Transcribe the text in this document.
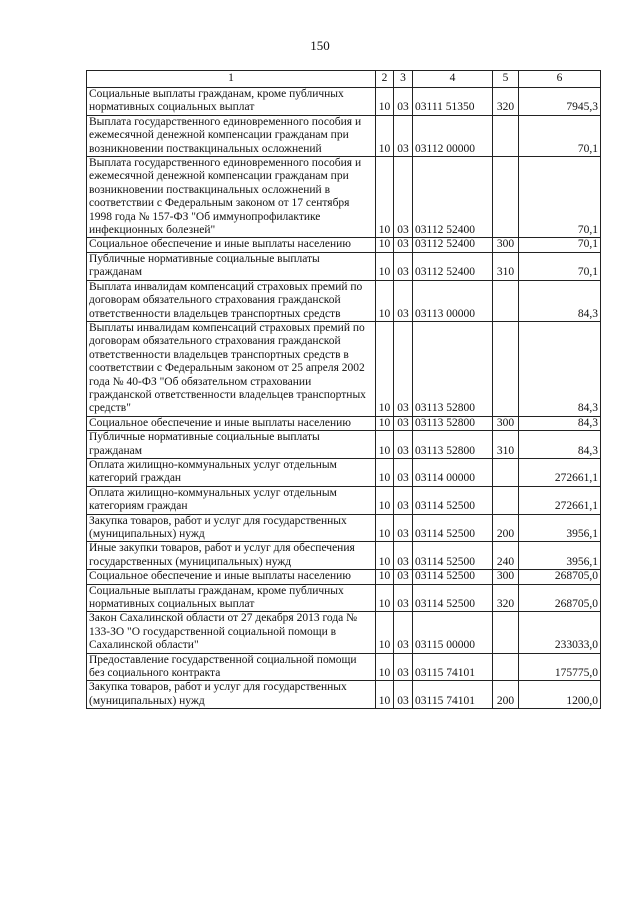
150
1	2	3	4	5	6
Социальные выплаты гражданам, кроме публичных нормативных социальных выплат	10	03	03111 51350	320	7945,3
Выплата государственного единовременного пособия и ежемесячной денежной компенсации гражданам при возникновении поствакцинальных осложнений	10	03	03112 00000		70,1
Выплата государственного единовременного пособия и ежемесячной денежной компенсации гражданам при возникновении поствакцинальных осложнений в соответствии с Федеральным законом от 17 сентября 1998 года № 157-ФЗ "Об иммунопрофилактике инфекционных болезней"	10	03	03112 52400		70,1
Социальное обеспечение и иные выплаты населению	10	03	03112 52400	300	70,1
Публичные нормативные социальные выплаты гражданам	10	03	03112 52400	310	70,1
Выплата инвалидам компенсаций страховых премий по договорам обязательного страхования гражданской ответственности владельцев транспортных средств	10	03	03113 00000		84,3
Выплаты инвалидам компенсаций страховых премий по договорам обязательного страхования гражданской ответственности владельцев транспортных средств в соответствии с Федеральным законом от 25 апреля 2002 года № 40-ФЗ "Об обязательном страховании гражданской ответственности владельцев транспортных средств"	10	03	03113 52800		84,3
Социальное обеспечение и иные выплаты населению	10	03	03113 52800	300	84,3
Публичные нормативные социальные выплаты гражданам	10	03	03113 52800	310	84,3
Оплата жилищно-коммунальных услуг отдельным категорий граждан	10	03	03114 00000		272661,1
Оплата жилищно-коммунальных услуг отдельным категориям граждан	10	03	03114 52500		272661,1
Закупка товаров, работ и услуг для государственных (муниципальных) нужд	10	03	03114 52500	200	3956,1
Иные закупки товаров, работ и услуг для обеспечения государственных (муниципальных) нужд	10	03	03114 52500	240	3956,1
Социальное обеспечение и иные выплаты населению	10	03	03114 52500	300	268705,0
Социальные выплаты гражданам, кроме публичных нормативных социальных выплат	10	03	03114 52500	320	268705,0
Закон Сахалинской области от 27 декабря 2013 года № 133-ЗО "О государственной социальной помощи в Сахалинской области"	10	03	03115 00000		233033,0
Предоставление государственной социальной помощи без социального контракта	10	03	03115 74101		175775,0
Закупка товаров, работ и услуг для государственных (муниципальных) нужд	10	03	03115 74101	200	1200,0
